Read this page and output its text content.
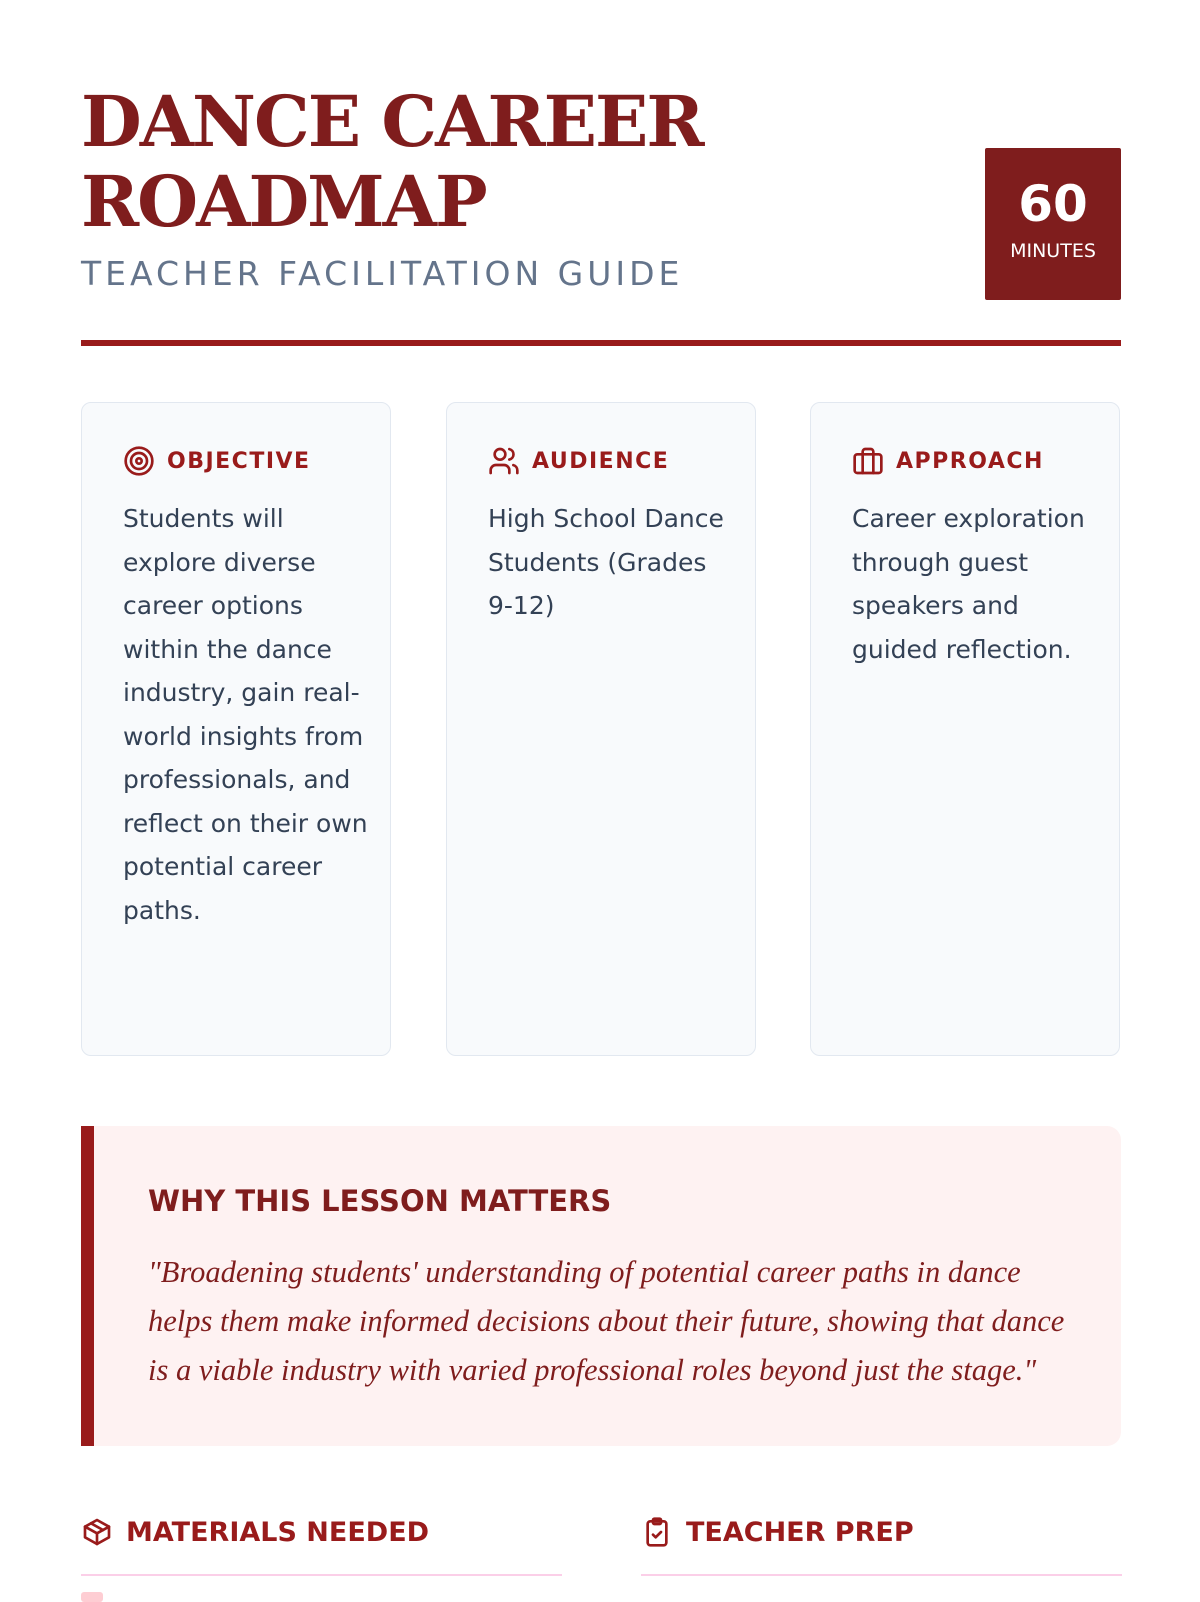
DANCE CAREER
ROADMAP
TEACHER FACILITATION GUIDE
60
MINUTES
OBJECTIVE
Students will explore diverse career options within the dance industry, gain real-world insights from professionals, and reflect on their own potential career paths.
AUDIENCE
High School Dance Students (Grades 9-12)
APPROACH
Career exploration through guest speakers and guided reflection.
WHY THIS LESSON MATTERS

"Broadening students' understanding of potential career paths in dance helps them make informed decisions about their future, showing that dance is a viable industry with varied professional roles beyond just the stage."

MATERIALS NEEDED	TEACHER PREP
